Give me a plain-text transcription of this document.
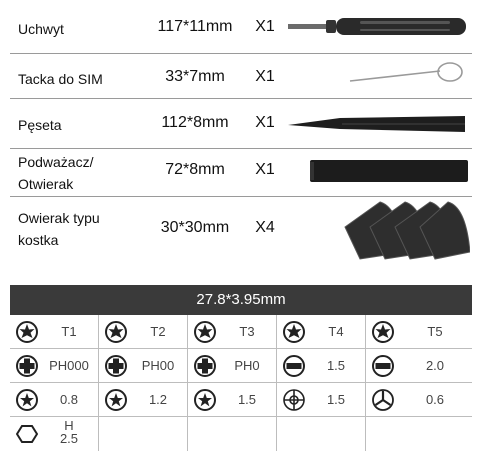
Uchwyt	117*11mm	X1
Tacka do SIM	33*7mm	X1
Pęseta	112*8mm	X1
Podważacz/
Otwierak
72*8mm	X1
Owierak typu
kostka
30*30mm	X4
27.8*3.95mm
T1	T2	T3	T4	T5
PH000	PH00	PH0	1.5	2.0
0.8	1.2	1.5	1.5	0.6
H
2.5
